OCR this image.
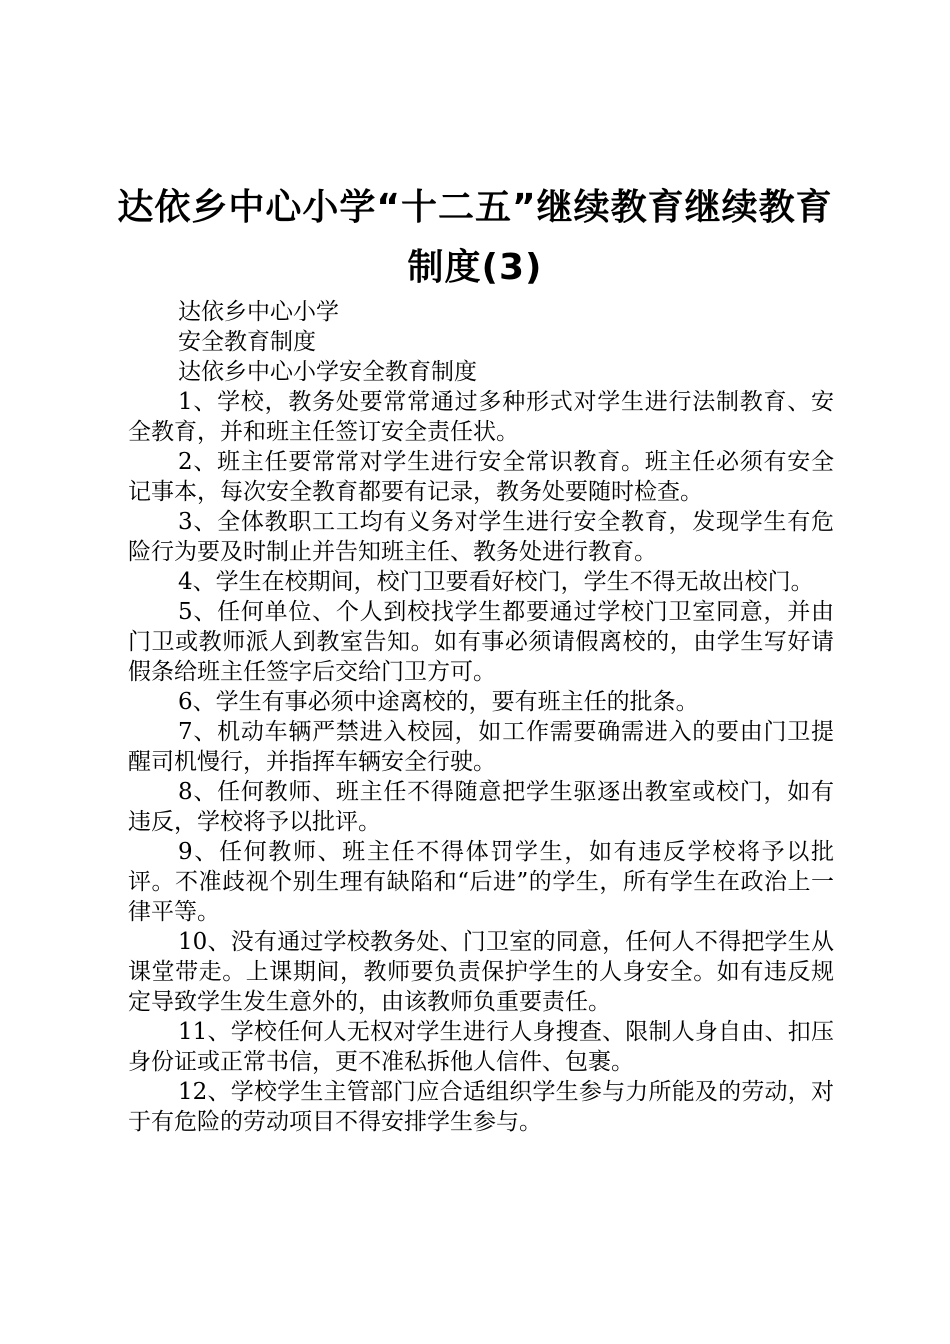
达依乡中心小学“十二五”继续教育继续教育
制度(3)

达依乡中心小学

安全教育制度

达依乡中心小学安全教育制度

1、学校，教务处要常常通过多种形式对学生进行法制教育、安全教育，并和班主任签订安全责任状。

2、班主任要常常对学生进行安全常识教育。班主任必须有安全记事本，每次安全教育都要有记录，教务处要随时检查。

3、全体教职工工均有义务对学生进行安全教育，发现学生有危险行为要及时制止并告知班主任、教务处进行教育。

4、学生在校期间，校门卫要看好校门，学生不得无故出校门。

5、任何单位、个人到校找学生都要通过学校门卫室同意，并由门卫或教师派人到教室告知。如有事必须请假离校的，由学生写好请假条给班主任签字后交给门卫方可。

6、学生有事必须中途离校的，要有班主任的批条。

7、机动车辆严禁进入校园，如工作需要确需进入的要由门卫提醒司机慢行，并指挥车辆安全行驶。

8、任何教师、班主任不得随意把学生驱逐出教室或校门，如有违反，学校将予以批评。

9、任何教师、班主任不得体罚学生，如有违反学校将予以批评。不准歧视个别生理有缺陷和“后进”的学生，所有学生在政治上一律平等。

10、没有通过学校教务处、门卫室的同意，任何人不得把学生从课堂带走。上课期间，教师要负责保护学生的人身安全。如有违反规定导致学生发生意外的，由该教师负重要责任。

11、学校任何人无权对学生进行人身搜查、限制人身自由、扣压身份证或正常书信，更不准私拆他人信件、包裹。

12、学校学生主管部门应合适组织学生参与力所能及的劳动，对于有危险的劳动项目不得安排学生参与。
